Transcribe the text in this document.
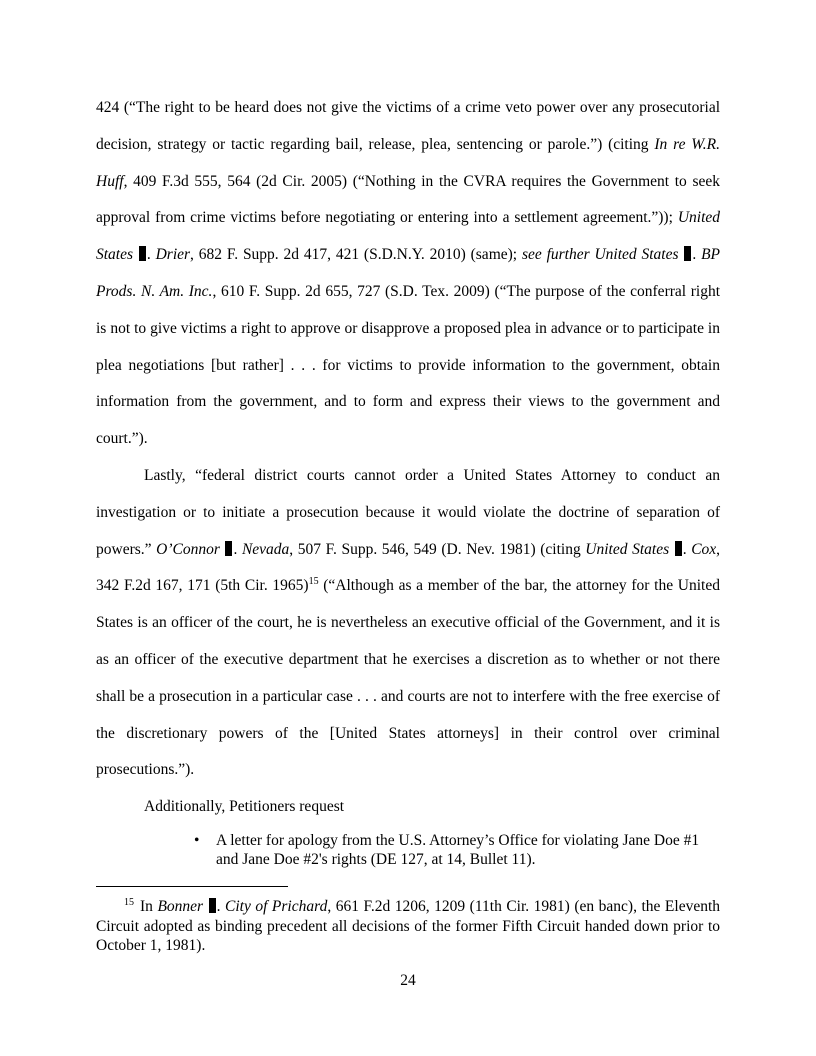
424 (“The right to be heard does not give the victims of a crime veto power over any prosecutorial decision, strategy or tactic regarding bail, release, plea, sentencing or parole.”) (citing In re W.R. Huff, 409 F.3d 555, 564 (2d Cir. 2005) (“Nothing in the CVRA requires the Government to seek approval from crime victims before negotiating or entering into a settlement agreement.”)); United States . Drier, 682 F. Supp. 2d 417, 421 (S.D.N.Y. 2010) (same); see further United States . BP Prods. N. Am. Inc., 610 F. Supp. 2d 655, 727 (S.D. Tex. 2009) (“The purpose of the conferral right is not to give victims a right to approve or disapprove a proposed plea in advance or to participate in plea negotiations [but rather] . . . for victims to provide information to the government, obtain information from the government, and to form and express their views to the government and court.”).

Lastly, “federal district courts cannot order a United States Attorney to conduct an investigation or to initiate a prosecution because it would violate the doctrine of separation of powers.” O’Connor . Nevada, 507 F. Supp. 546, 549 (D. Nev. 1981) (citing United States . Cox, 342 F.2d 167, 171 (5th Cir. 1965)$^{15}$ (“Although as a member of the bar, the attorney for the United States is an officer of the court, he is nevertheless an executive official of the Government, and it is as an officer of the executive department that he exercises a discretion as to whether or not there shall be a prosecution in a particular case . . . and courts are not to interfere with the free exercise of the discretionary powers of the [United States attorneys] in their control over criminal prosecutions.”).

Additionally, Petitioners request

• A letter for apology from the U.S. Attorney’s Office for violating Jane Doe #1 and Jane Doe #2's rights (DE 127, at 14, Bullet 11).

$^{15}$ In Bonner . City of Prichard, 661 F.2d 1206, 1209 (11th Cir. 1981) (en banc), the Eleventh Circuit adopted as binding precedent all decisions of the former Fifth Circuit handed down prior to October 1, 1981).

24
